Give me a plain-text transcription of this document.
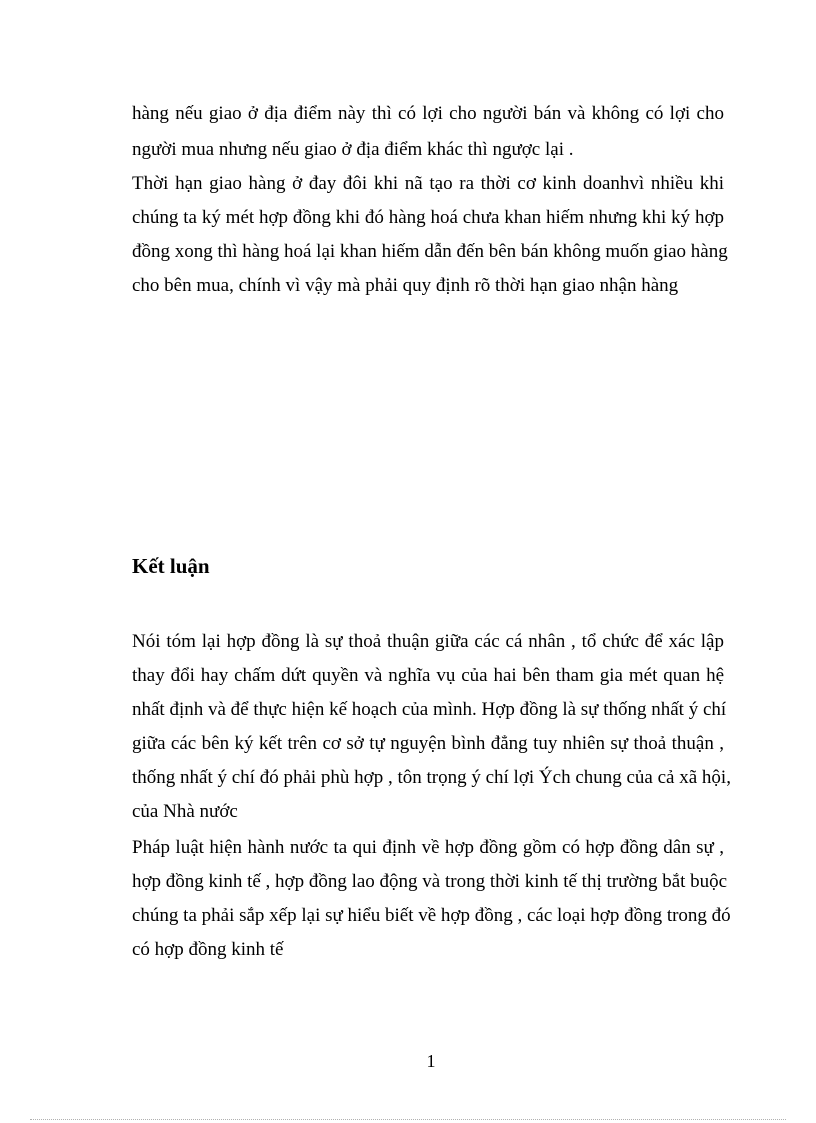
hàng nếu giao ở địa điểm này thì có lợi cho người bán và không có lợi cho
người mua nhưng nếu giao ở địa điểm khác thì ngược lại .
Thời hạn giao hàng ở đay đôi khi nã tạo ra thời cơ kinh doanhvì nhiều khi
chúng ta ký mét hợp đồng khi đó hàng hoá chưa khan hiếm nhưng khi ký hợp
đồng xong thì hàng hoá lại khan hiếm dẫn đến bên bán không muốn giao hàng
cho bên mua, chính vì vậy mà phải quy định rõ thời hạn giao nhận hàng
Kết luận
Nói tóm lại hợp đồng là sự thoả thuận giữa các cá nhân , tổ chức để xác lập
thay đổi hay chấm dứt quyền và nghĩa vụ của hai bên tham gia mét quan hệ
nhất định và để thực hiện kế hoạch của mình. Hợp đồng là sự thống nhất ý chí
giữa các bên ký kết trên cơ sở tự nguyện bình đẳng tuy nhiên sự thoả thuận ,
thống nhất ý chí đó phải phù hợp , tôn trọng ý chí lợi Ých chung của cả xã hội,
của Nhà nước
Pháp luật hiện hành nước ta qui định về hợp đồng gồm có hợp đồng dân sự ,
hợp đồng kinh tế , hợp đồng lao động và trong thời kinh tế thị trường bắt buộc
chúng ta phải sắp xếp lại sự hiểu biết về hợp đồng , các loại hợp đồng trong đó
có hợp đồng kinh tế
1
